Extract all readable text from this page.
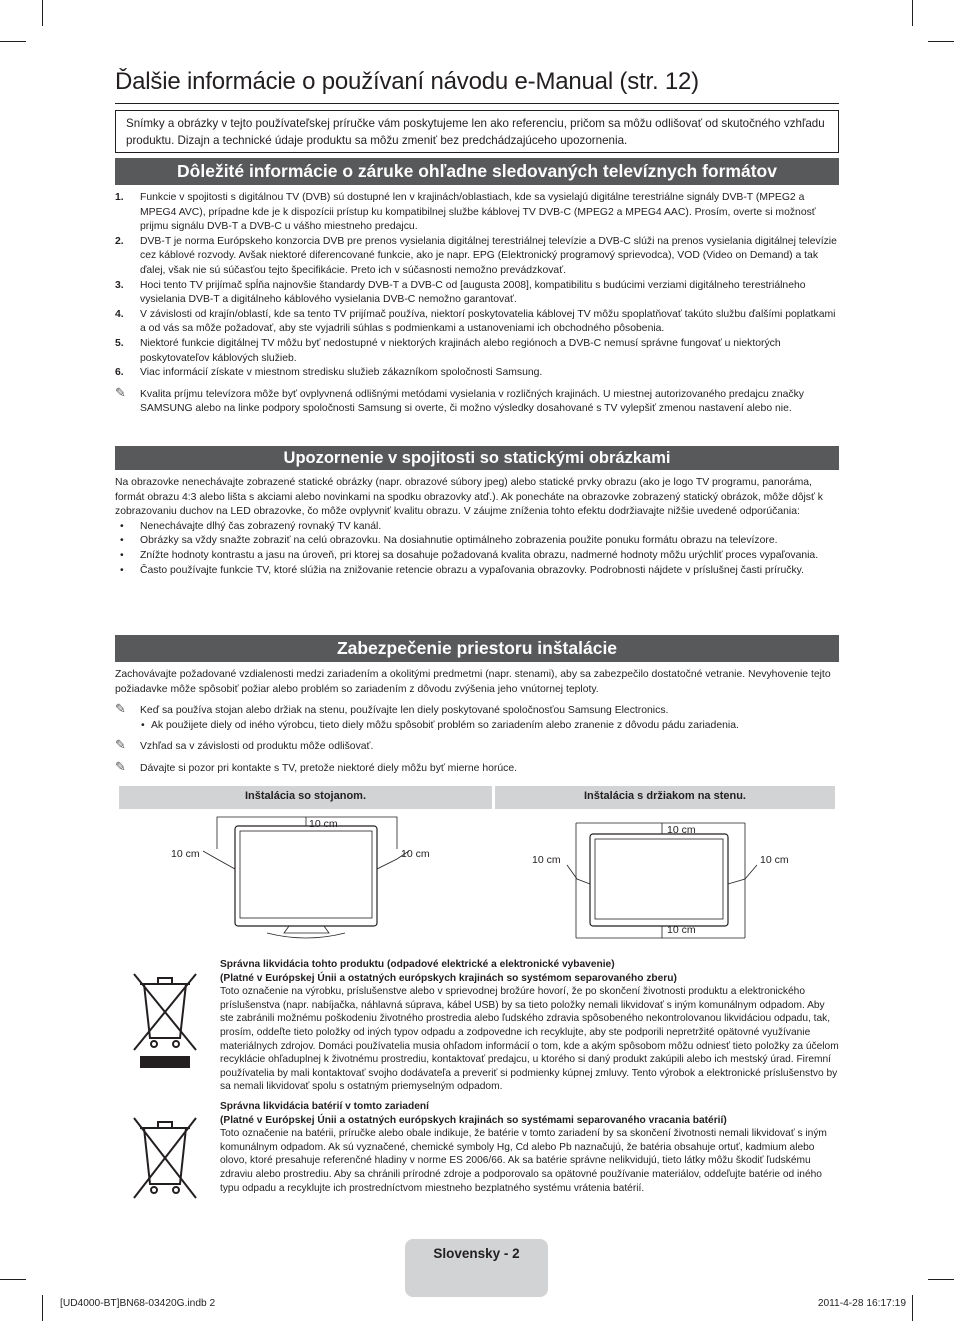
Ďalšie informácie o používaní návodu e-Manual (str. 12)
Snímky a obrázky v tejto používateľskej príručke vám poskytujeme len ako referenciu, pričom sa môžu odlišovať od skutočného vzhľadu produktu. Dizajn a technické údaje produktu sa môžu zmeniť bez predchádzajúceho upozornenia.
Dôležité informácie o záruke ohľadne sledovaných televíznych formátov
1. Funkcie v spojitosti s digitálnou TV (DVB) sú dostupné len v krajinách/oblastiach, kde sa vysielajú digitálne terestriálne signály DVB-T (MPEG2 a MPEG4 AVC), prípadne kde je k dispozícii prístup ku kompatibilnej službe káblovej TV DVB-C (MPEG2 a MPEG4 AAC). Prosím, overte si možnosť prijmu signálu DVB-T a DVB-C u vášho miestneho predajcu.
2. DVB-T je norma Európskeho konzorcia DVB pre prenos vysielania digitálnej terestriálnej televízie a DVB-C slúži na prenos vysielania digitálnej televízie cez káblové rozvody. Avšak niektoré diferencované funkcie, ako je napr. EPG (Elektronický programový sprievodca), VOD (Video on Demand) a tak ďalej, však nie sú súčasťou tejto špecifikácie. Preto ich v súčasnosti nemožno prevádzkovať.
3. Hoci tento TV prijímač spĺňa najnovšie štandardy DVB-T a DVB-C od [augusta 2008], kompatibilitu s budúcimi verziami digitálneho terestriálneho vysielania DVB-T a digitálneho káblového vysielania DVB-C nemožno garantovať.
4. V závislosti od krajín/oblastí, kde sa tento TV prijímač používa, niektorí poskytovatelia káblovej TV môžu spoplatňovať takúto službu ďalšími poplatkami a od vás sa môže požadovať, aby ste vyjadrili súhlas s podmienkami a ustanoveniami ich obchodného pôsobenia.
5. Niektoré funkcie digitálnej TV môžu byť nedostupné v niektorých krajinách alebo regiónoch a DVB-C nemusí správne fungovať u niektorých poskytovateľov káblových služieb.
6. Viac informácií získate v miestnom stredisku služieb zákazníkom spoločnosti Samsung.
✎ Kvalita príjmu televízora môže byť ovplyvnená odlišnými metódami vysielania v rozličných krajinách. U miestnej autorizovaného predajcu značky SAMSUNG alebo na linke podpory spoločnosti Samsung si overte, či možno výsledky dosahované s TV vylepšiť zmenou nastavení alebo nie.
Upozornenie v spojitosti so statickými obrázkami

Na obrazovke nenechávajte zobrazené statické obrázky (napr. obrazové súbory jpeg) alebo statické prvky obrazu (ako je logo TV programu, panoráma, formát obrazu 4:3 alebo lišta s akciami alebo novinkami na spodku obrazovky atď.). Ak ponecháte na obrazovke zobrazený statický obrázok, môže dôjsť k zobrazovaniu duchov na LED obrazovke, čo môže ovplyvniť kvalitu obrazu. V záujme zníženia tohto efektu dodržiavajte nižšie uvedené odporúčania:

• Nenechávajte dlhý čas zobrazený rovnaký TV kanál.
• Obrázky sa vždy snažte zobraziť na celú obrazovku. Na dosiahnutie optimálneho zobrazenia použite ponuku formátu obrazu na televízore.
• Znížte hodnoty kontrastu a jasu na úroveň, pri ktorej sa dosahuje požadovaná kvalita obrazu, nadmerné hodnoty môžu urýchliť proces vypaľovania.
• Často používajte funkcie TV, ktoré slúžia na znižovanie retencie obrazu a vypaľovania obrazovky. Podrobnosti nájdete v príslušnej časti príručky.
Zabezpečenie priestoru inštalácie

Zachovávajte požadované vzdialenosti medzi zariadením a okolitými predmetmi (napr. stenami), aby sa zabezpečilo dostatočné vetranie. Nevyhovenie tejto požiadavke môže spôsobiť požiar alebo problém so zariadením z dôvodu zvýšenia jeho vnútornej teploty.

✎ Keď sa používa stojan alebo držiak na stenu, používajte len diely poskytované spoločnosťou Samsung Electronics.
• Ak použijete diely od iného výrobcu, tieto diely môžu spôsobiť problém so zariadením alebo zranenie z dôvodu pádu zariadenia.
✎ Vzhľad sa v závislosti od produktu môže odlišovať.
✎ Dávajte si pozor pri kontakte s TV, pretože niektoré diely môžu byť mierne horúce.
Inštalácia so stojanom.	Inštalácia s držiakom na stenu.
10 cm
10 cm	10 cm
10 cm
10 cm
10 cm	10 cm

Správna likvidácia tohto produktu (odpadové elektrické a elektronické vybavenie)

(Platné v Európskej Únii a ostatných európskych krajinách so systémom separovaného zberu)

Toto označenie na výrobku, príslušenstve alebo v sprievodnej brožúre hovorí, že po skončení životnosti produktu a elektronického príslušenstva (napr. nabíjačka, náhlavná súprava, kábel USB) by sa tieto položky nemali likvidovať s iným komunálnym odpadom. Aby ste zabránili možnému poškodeniu životného prostredia alebo ľudského zdravia spôsobeného nekontrolovanou likvidáciou odpadu, tak, prosím, oddeľte tieto položky od iných typov odpadu a zodpovedne ich recyklujte, aby ste podporili nepretržité opätovné využívanie materiálnych zdrojov. Domáci používatelia musia ohľadom informácií o tom, kde a akým spôsobom môžu odniesť tieto položky za účelom recyklácie ohľaduplnej k životnému prostrediu, kontaktovať predajcu, u ktorého si daný produkt zakúpili alebo ich mestský úrad. Firemní používatelia by mali kontaktovať svojho dodávateľa a preveriť si podmienky kúpnej zmluvy. Tento výrobok a elektronické príslušenstvo by sa nemali likvidovať spolu s ostatným priemyselným odpadom.

Správna likvidácia batérií v tomto zariadení

(Platné v Európskej Únii a ostatných európskych krajinách so systémami separovaného vracania batérií)

Toto označenie na batérii, príručke alebo obale indikuje, že batérie v tomto zariadení by sa skončení životnosti nemali likvidovať s iným komunálnym odpadom. Ak sú vyznačené, chemické symboly Hg, Cd alebo Pb naznačujú, že batéria obsahuje ortuť, kadmium alebo olovo, ktoré presahuje referenčné hladiny v norme ES 2006/66. Ak sa batérie správne nelikvidujú, tieto látky môžu škodiť ľudskému zdraviu alebo prostrediu. Aby sa chránili prírodné zdroje a podporovalo sa opätovné používanie materiálov, oddeľujte batérie od iného typu odpadu a recyklujte ich prostredníctvom miestneho bezplatného systému vrátenia batérií.

Slovensky - 2
[UD4000-BT]BN68-03420G.indb 2	2011-4-28 16:17:19
